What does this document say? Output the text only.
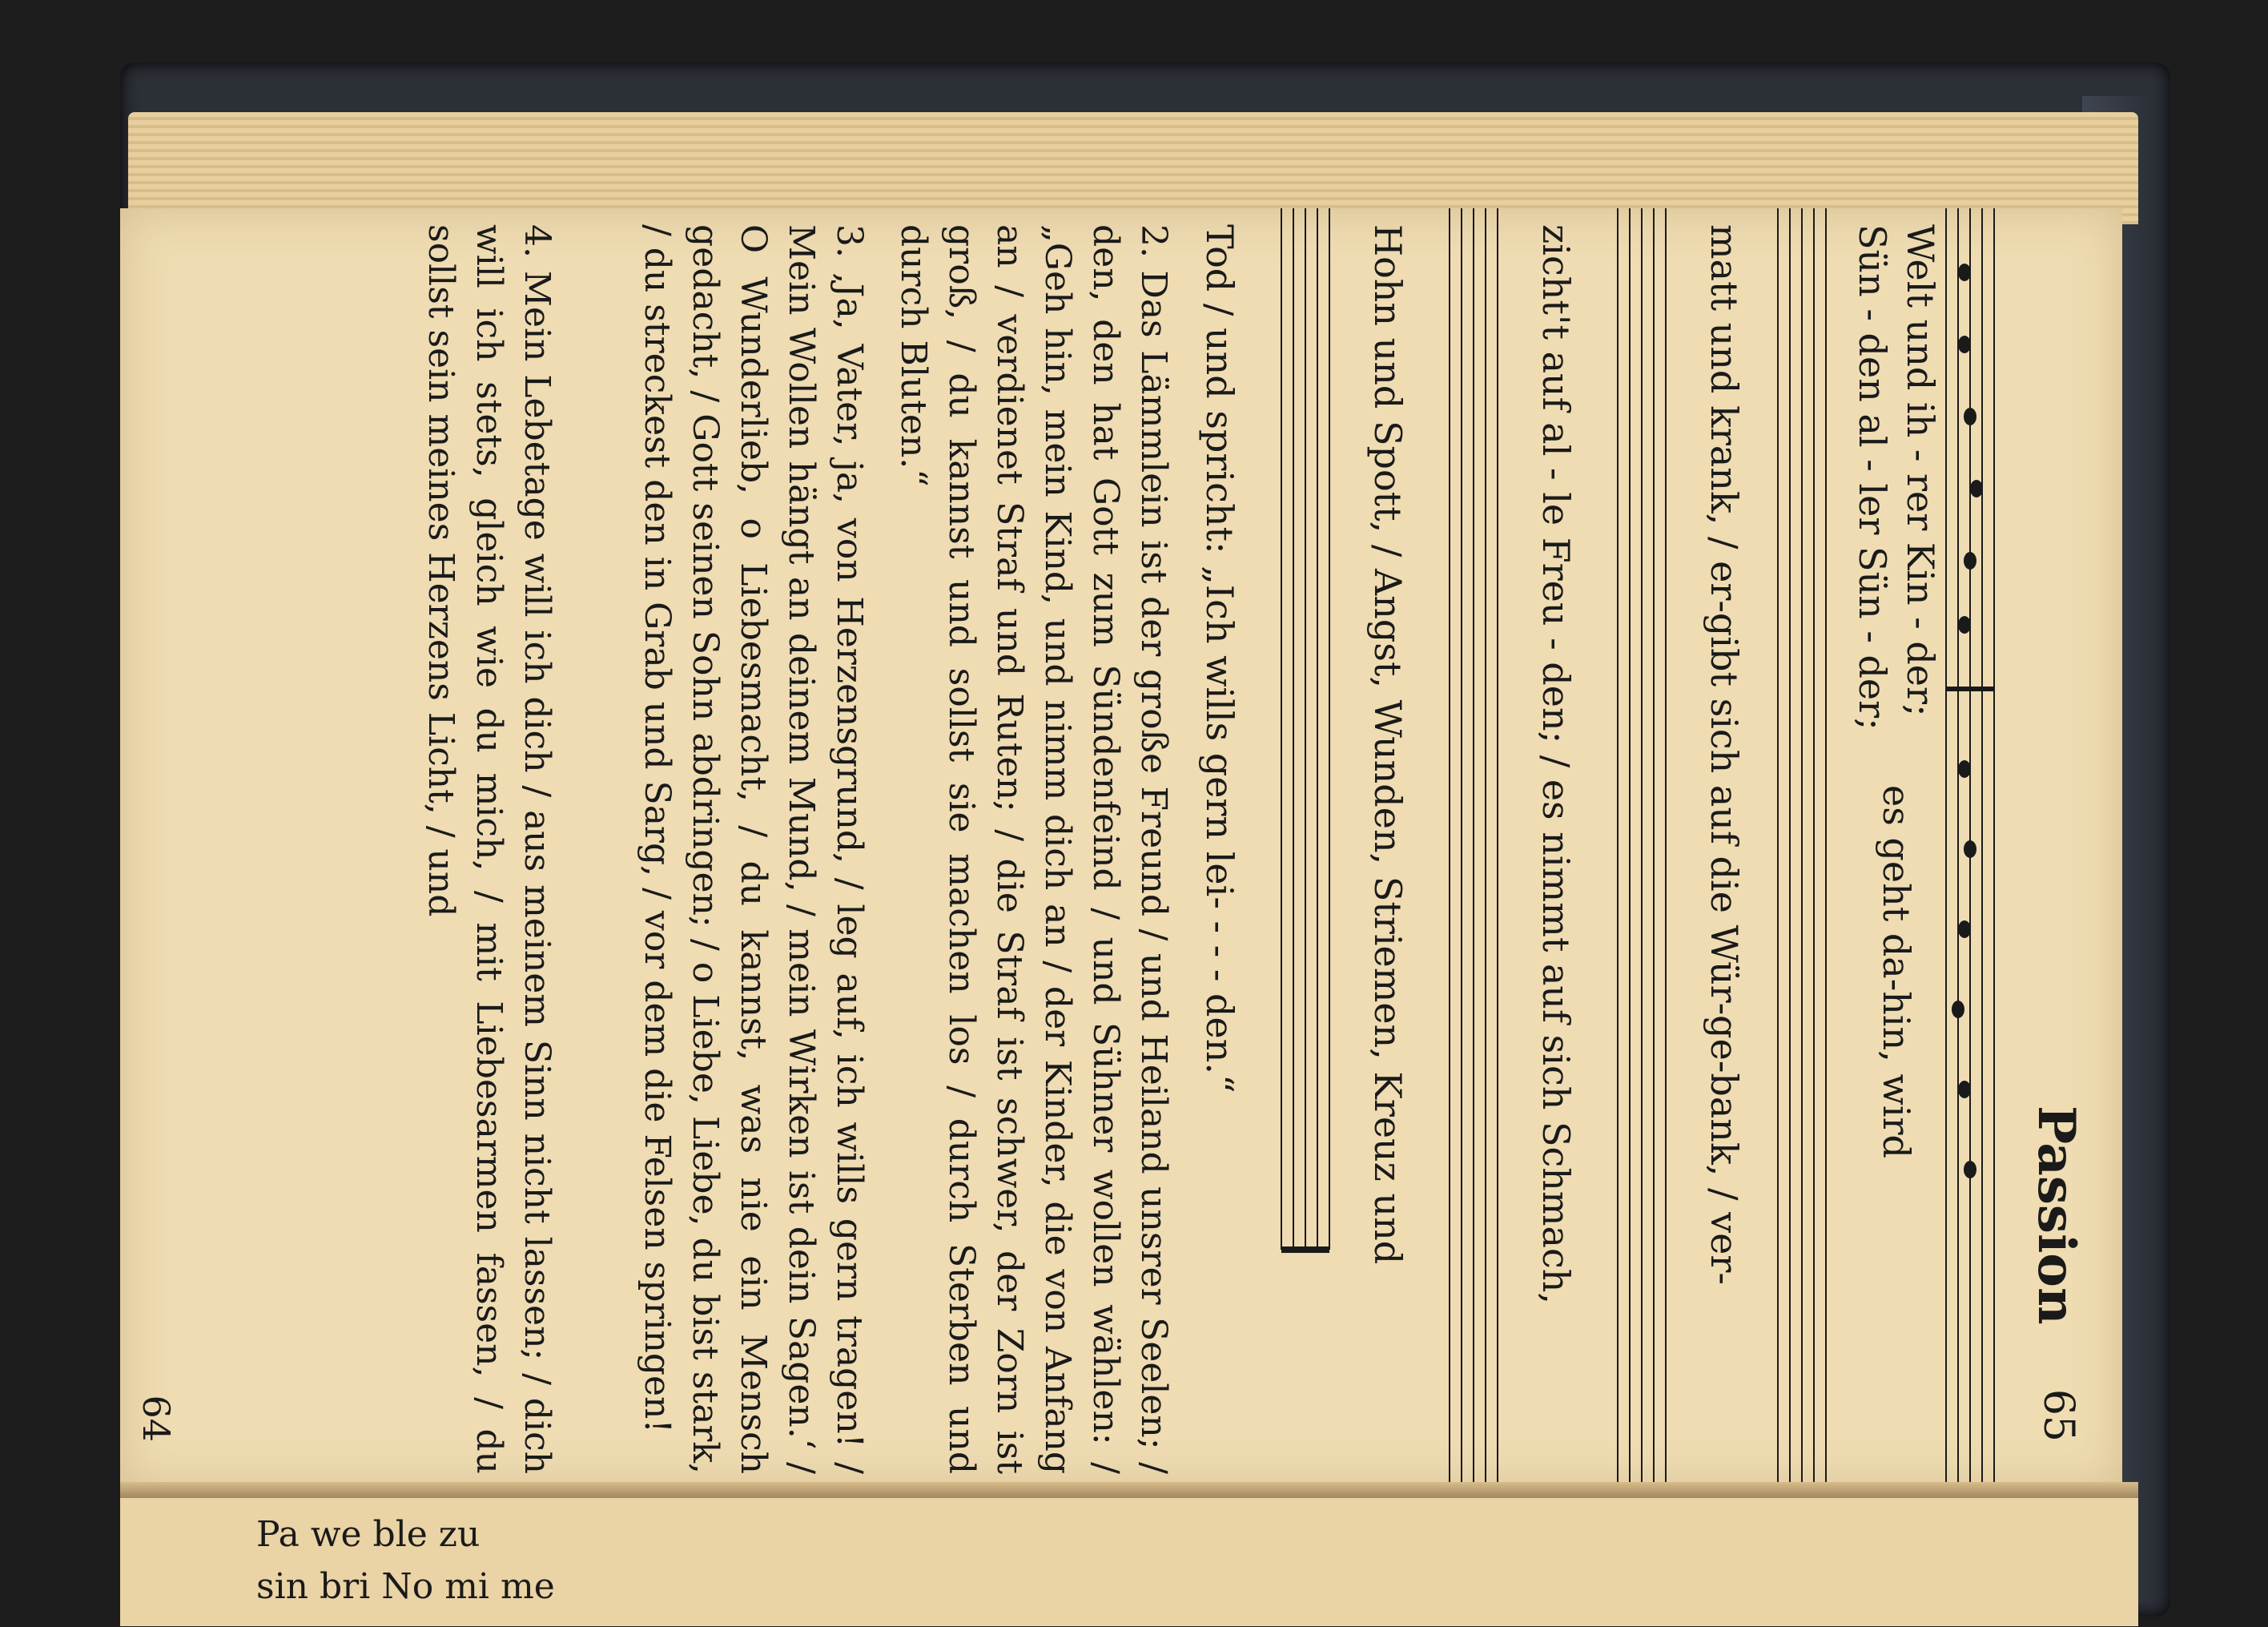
Passion
65
Welt und ih - rer Kin - der;
Sün - den al - ler Sün - der;
es geht da-hin, wird
matt und krank, / er-gibt sich auf die Wür-ge-bank, / ver-
zicht't auf al - le Freu - den; / es nimmt auf sich Schmach,
Hohn und Spott, / Angst, Wunden, Striemen, Kreuz und
Tod / und spricht: „Ich wills gern lei- - - - den.“
2. Das Lämmlein ist der große Freund / und Heiland unsrer Seelen; / den, den hat Gott zum Sündenfeind / und Sühner wollen wählen: / „Geh hin, mein Kind, und nimm dich an / der Kinder, die von Anfang an / verdienet Straf und Ruten; / die Straf ist schwer, der Zorn ist groß, / du kannst und sollst sie machen los / durch Sterben und durch Bluten.“
3. ‚Ja, Vater, ja, von Herzensgrund, / leg auf, ich wills gern tragen! / Mein Wollen hängt an deinem Mund, / mein Wirken ist dein Sagen.‘ / O Wunderlieb, o Liebesmacht, / du kannst, was nie ein Mensch gedacht, / Gott seinen Sohn abdringen; / o Liebe, Liebe, du bist stark, / du streckest den in Grab und Sarg, / vor dem die Felsen springen!
4. Mein Lebetage will ich dich / aus meinem Sinn nicht lassen; / dich will ich stets, gleich wie du mich, / mit Liebesarmen fassen, / du sollst sein meines Herzens Licht, / und
64
Pa we ble zu
sin bri No mi me
